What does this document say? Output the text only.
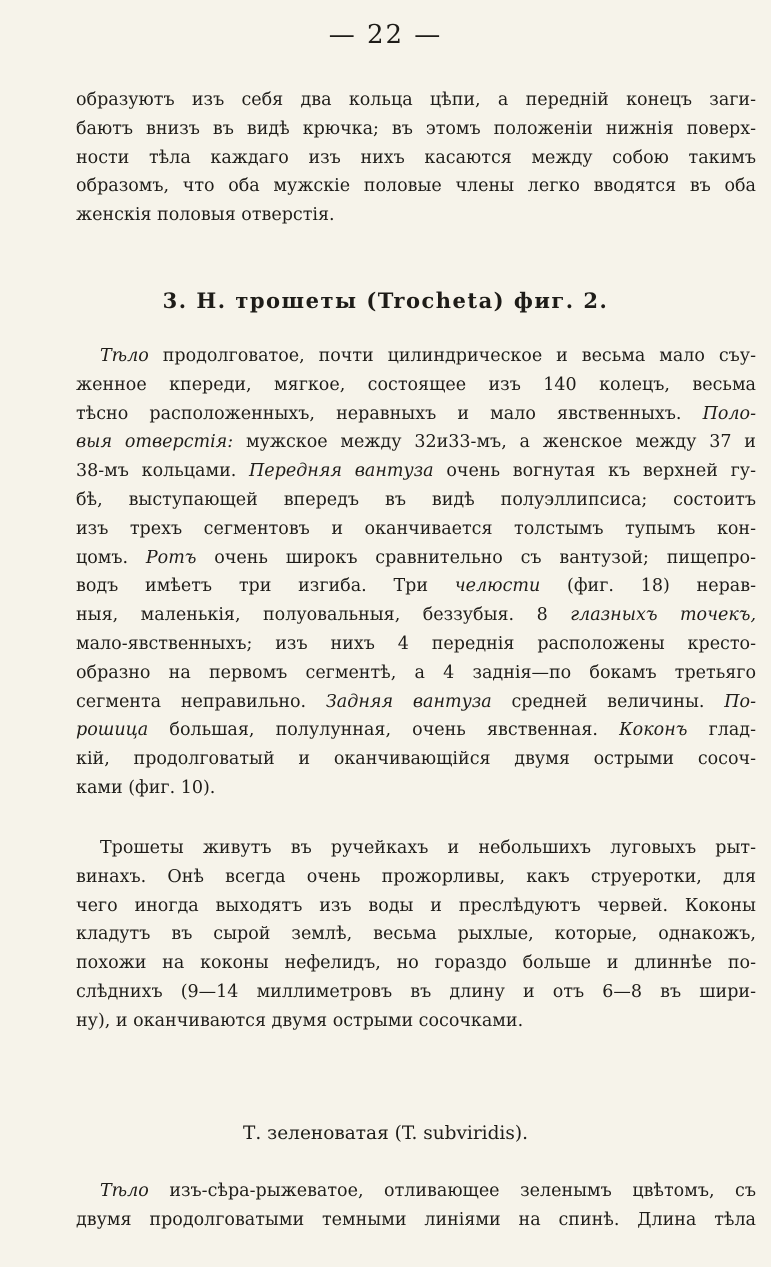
— 22 —

образуютъ изъ себя два кольца цѣпи, а передній конецъ заги-
баютъ внизъ въ видѣ крючка; въ этомъ положеніи нижнія поверх-
ности тѣла каждаго изъ нихъ касаются между собою такимъ
образомъ, что оба мужскіе половые члены легко вводятся въ оба
женскія половыя отверстія.

3. Н. трошеты (Trocheta) фиг. 2.

Тѣло продолговатое, почти цилиндрическое и весьма мало съу-
женное кпереди, мягкое, состоящее изъ 140 колецъ, весьма
тѣсно расположенныхъ, неравныхъ и мало явственныхъ. Поло-
выя отверстія: мужское между 32и33-мъ, а женское между 37 и
38-мъ кольцами. Передняя вантуза очень вогнутая къ верхней гу-
бѣ, выступающей впередъ въ видѣ полуэллипсиса; состоитъ
изъ трехъ сегментовъ и оканчивается толстымъ тупымъ кон-
цомъ. Ротъ очень широкъ сравнительно съ вантузой; пищепро-
водъ имѣетъ три изгиба. Три челюсти (фиг. 18) нерав-
ныя, маленькія, полуовальныя, беззубыя. 8 глазныхъ точекъ,
мало-явственныхъ; изъ нихъ 4 переднія расположены кресто-
образно на первомъ сегментѣ, а 4 заднія—по бокамъ третьяго
сегмента неправильно. Задняя вантуза средней величины. По-
рошица большая, полулунная, очень явственная. Коконъ глад-
кій, продолговатый и оканчивающійся двумя острыми сосоч-
ками (фиг. 10).

Трошеты живутъ въ ручейкахъ и небольшихъ луговыхъ рыт-
винахъ. Онѣ всегда очень прожорливы, какъ струеротки, для
чего иногда выходятъ изъ воды и преслѣдуютъ червей. Коконы
кладутъ въ сырой землѣ, весьма рыхлые, которые, однакожъ,
похожи на коконы нефелидъ, но гораздо больше и длиннѣе по-
слѣднихъ (9—14 миллиметровъ въ длину и отъ 6—8 въ шири-
ну), и оканчиваются двумя острыми сосочками.

Т. зеленоватая (T. subviridis).

Тѣло изъ-сѣра-рыжеватое, отливающее зеленымъ цвѣтомъ, съ
двумя продолговатыми темными линіями на спинѣ. Длина тѣла
